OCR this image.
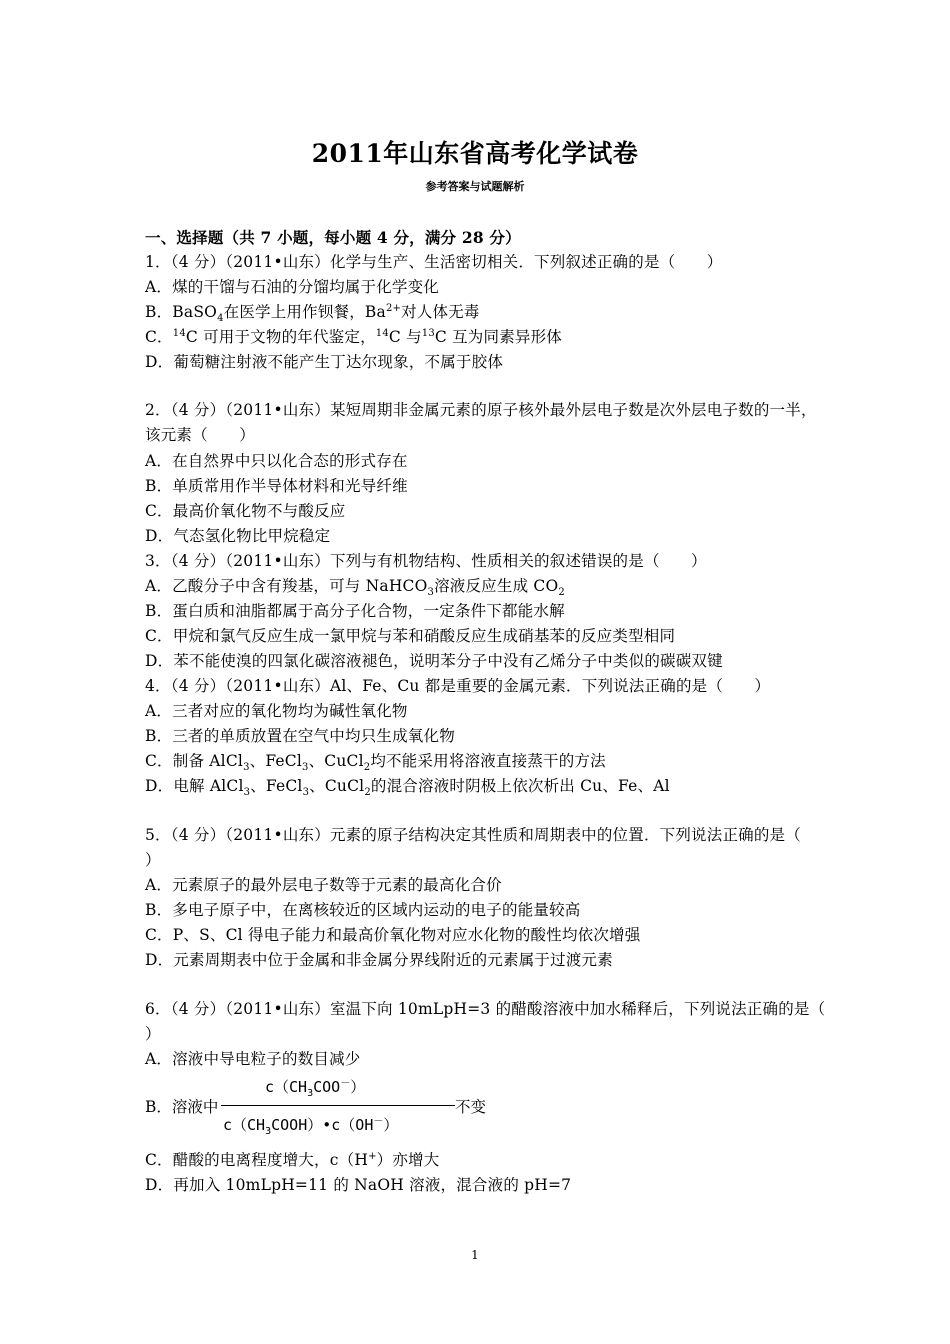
2011年山东省高考化学试卷
参考答案与试题解析
一、选择题（共 7 小题，每小题 4 分，满分 28 分）
1．（4 分）（2011•山东）化学与生产、生活密切相关．下列叙述正确的是（　　）
A．煤的干馏与石油的分馏均属于化学变化
B．BaSO$_4$在医学上用作钡餐，$Ba^{2+}$对人体无毒
C．$^{14}$C 可用于文物的年代鉴定，$^{14}$C 与$^{13}$C 互为同素异形体
D．葡萄糖注射液不能产生丁达尔现象，不属于胶体
2．（4 分）（2011•山东）某短周期非金属元素的原子核外最外层电子数是次外层电子数的一半，
该元素（　　）
A．在自然界中只以化合态的形式存在
B．单质常用作半导体材料和光导纤维
C．最高价氧化物不与酸反应
D．气态氢化物比甲烷稳定
3．（4 分）（2011•山东）下列与有机物结构、性质相关的叙述错误的是（　　）
A．乙酸分子中含有羧基，可与 NaHCO$_3$溶液反应生成 $CO_2$
B．蛋白质和油脂都属于高分子化合物，一定条件下都能水解
C．甲烷和氯气反应生成一氯甲烷与苯和硝酸反应生成硝基苯的反应类型相同
D．苯不能使溴的四氯化碳溶液褪色，说明苯分子中没有乙烯分子中类似的碳碳双键
4．（4 分）（2011•山东）Al、Fe、Cu 都是重要的金属元素．下列说法正确的是（　　）
A．三者对应的氧化物均为碱性氧化物
B．三者的单质放置在空气中均只生成氧化物
C．制备 AlCl$_3$、FeCl$_3$、CuCl$_2$均不能采用将溶液直接蒸干的方法
D．电解 AlCl$_3$、FeCl$_3$、CuCl$_2$的混合溶液时阴极上依次析出 Cu、Fe、Al
5．（4 分）（2011•山东）元素的原子结构决定其性质和周期表中的位置．下列说法正确的是（
）
A．元素原子的最外层电子数等于元素的最高化合价
B．多电子原子中，在离核较近的区域内运动的电子的能量较高
C．P、S、Cl 得电子能力和最高价氧化物对应水化物的酸性均依次增强
D．元素周期表中位于金属和非金属分界线附近的元素属于过渡元素
6．（4 分）（2011•山东）室温下向 10mLpH=3 的醋酸溶液中加水稀释后，下列说法正确的是（
）
A．溶液中导电粒子的数目减少
B．溶液中
$c(CH_3COO^-)$
$c(CH_3COOH)•c(OH^-)$
不变
C．醋酸的电离程度增大，c（H+）亦增大
D．再加入 10mLpH=11 的 NaOH 溶液，混合液的 pH=7
1
